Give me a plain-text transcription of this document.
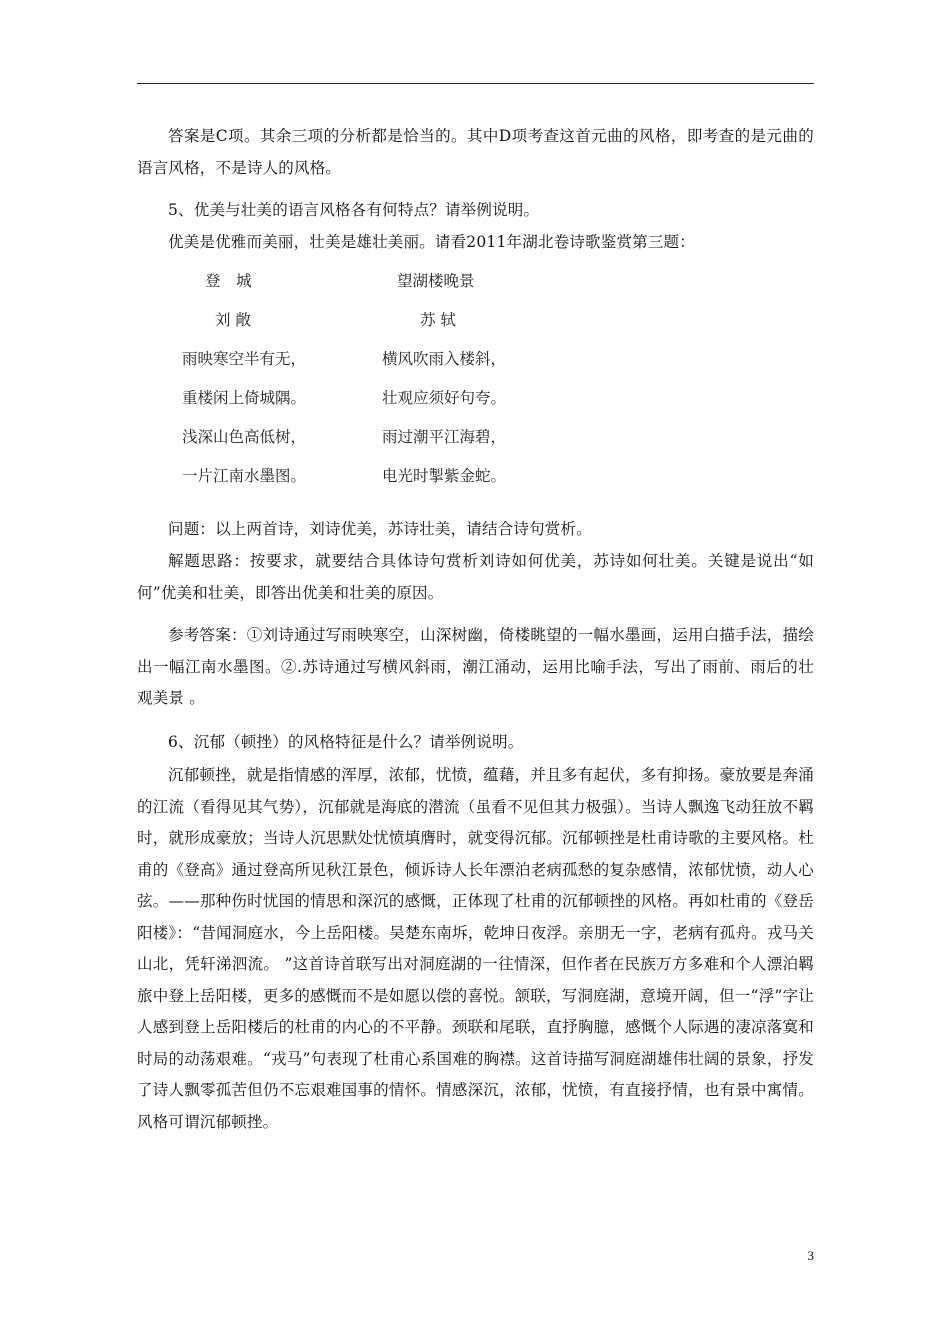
答案是C项。其余三项的分析都是恰当的。其中D项考查这首元曲的风格，即考查的是元曲的语言风格，不是诗人的风格。

5、优美与壮美的语言风格各有何特点？请举例说明。

优美是优雅而美丽，壮美是雄壮美丽。请看2011年湖北卷诗歌鉴赏第三题：

登　城
刘 敞
雨映寒空半有无，
重楼闲上倚城隅。
浅深山色高低树，
一片江南水墨图。
望湖楼晚景
苏 轼
横风吹雨入楼斜，
壮观应须好句夸。
雨过潮平江海碧，
电光时掣紫金蛇。

问题：以上两首诗，刘诗优美，苏诗壮美，请结合诗句赏析。

解题思路：按要求，就要结合具体诗句赏析刘诗如何优美，苏诗如何壮美。关键是说出“如何”优美和壮美，即答出优美和壮美的原因。

参考答案：①刘诗通过写雨映寒空，山深树幽，倚楼眺望的一幅水墨画，运用白描手法，描绘出一幅江南水墨图。②.苏诗通过写横风斜雨，潮江涌动，运用比喻手法，写出了雨前、雨后的壮观美景 。

6、沉郁（顿挫）的风格特征是什么？请举例说明。

沉郁顿挫，就是指情感的浑厚，浓郁，忧愤，蕴藉，并且多有起伏，多有抑扬。豪放要是奔涌的江流（看得见其气势），沉郁就是海底的潜流（虽看不见但其力极强）。当诗人飘逸飞动狂放不羁时，就形成豪放；当诗人沉思默处忧愤填膺时，就变得沉郁。沉郁顿挫是杜甫诗歌的主要风格。杜甫的《登高》通过登高所见秋江景色，倾诉诗人长年漂泊老病孤愁的复杂感情，浓郁忧愤，动人心弦。——那种伤时忧国的情思和深沉的感慨，正体现了杜甫的沉郁顿挫的风格。再如杜甫的《登岳阳楼》：“昔闻洞庭水，今上岳阳楼。吴楚东南坼，乾坤日夜浮。亲朋无一字，老病有孤舟。戎马关山北，凭轩涕泗流。 ”这首诗首联写出对洞庭湖的一往情深，但作者在民族万方多难和个人漂泊羁旅中登上岳阳楼，更多的感慨而不是如愿以偿的喜悦。颔联，写洞庭湖，意境开阔，但一“浮”字让人感到登上岳阳楼后的杜甫的内心的不平静。颈联和尾联，直抒胸臆，感慨个人际遇的凄凉落寞和时局的动荡艰难。“戎马”句表现了杜甫心系国难的胸襟。这首诗描写洞庭湖雄伟壮阔的景象，抒发了诗人飘零孤苦但仍不忘艰难国事的情怀。情感深沉，浓郁，忧愤，有直接抒情，也有景中寓情。风格可谓沉郁顿挫。

3
